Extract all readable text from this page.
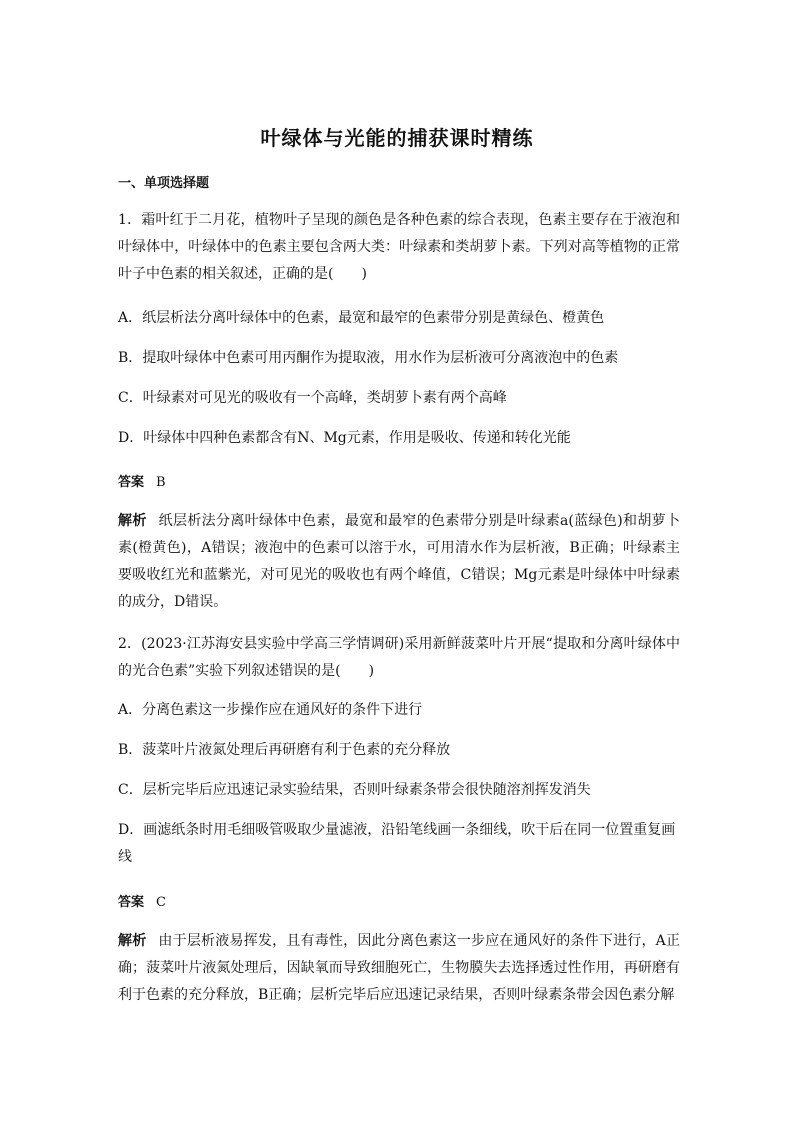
叶绿体与光能的捕获课时精练
一、单项选择题
1．霜叶红于二月花，植物叶子呈现的颜色是各种色素的综合表现，色素主要存在于液泡和叶绿体中，叶绿体中的色素主要包含两大类：叶绿素和类胡萝卜素。下列对高等植物的正常叶子中色素的相关叙述，正确的是(　　)
A．纸层析法分离叶绿体中的色素，最宽和最窄的色素带分别是黄绿色、橙黄色
B．提取叶绿体中色素可用丙酮作为提取液，用水作为层析液可分离液泡中的色素
C．叶绿素对可见光的吸收有一个高峰，类胡萝卜素有两个高峰
D．叶绿体中四种色素都含有N、Mg元素，作用是吸收、传递和转化光能
答案 B
解析 纸层析法分离叶绿体中色素，最宽和最窄的色素带分别是叶绿素a(蓝绿色)和胡萝卜素(橙黄色)，A错误；液泡中的色素可以溶于水，可用清水作为层析液，B正确；叶绿素主要吸收红光和蓝紫光，对可见光的吸收也有两个峰值，C错误；Mg元素是叶绿体中叶绿素的成分，D错误。
2．(2023·江苏海安县实验中学高三学情调研)采用新鲜菠菜叶片开展“提取和分离叶绿体中的光合色素”实验下列叙述错误的是(　　)
A．分离色素这一步操作应在通风好的条件下进行
B．菠菜叶片液氮处理后再研磨有利于色素的充分释放
C．层析完毕后应迅速记录实验结果，否则叶绿素条带会很快随溶剂挥发消失
D．画滤纸条时用毛细吸管吸取少量滤液，沿铅笔线画一条细线，吹干后在同一位置重复画线
答案 C
解析 由于层析液易挥发，且有毒性，因此分离色素这一步应在通风好的条件下进行，A正确；菠菜叶片液氮处理后，因缺氧而导致细胞死亡，生物膜失去选择透过性作用，再研磨有利于色素的充分释放，B正确；层析完毕后应迅速记录结果，否则叶绿素条带会因色素分解
